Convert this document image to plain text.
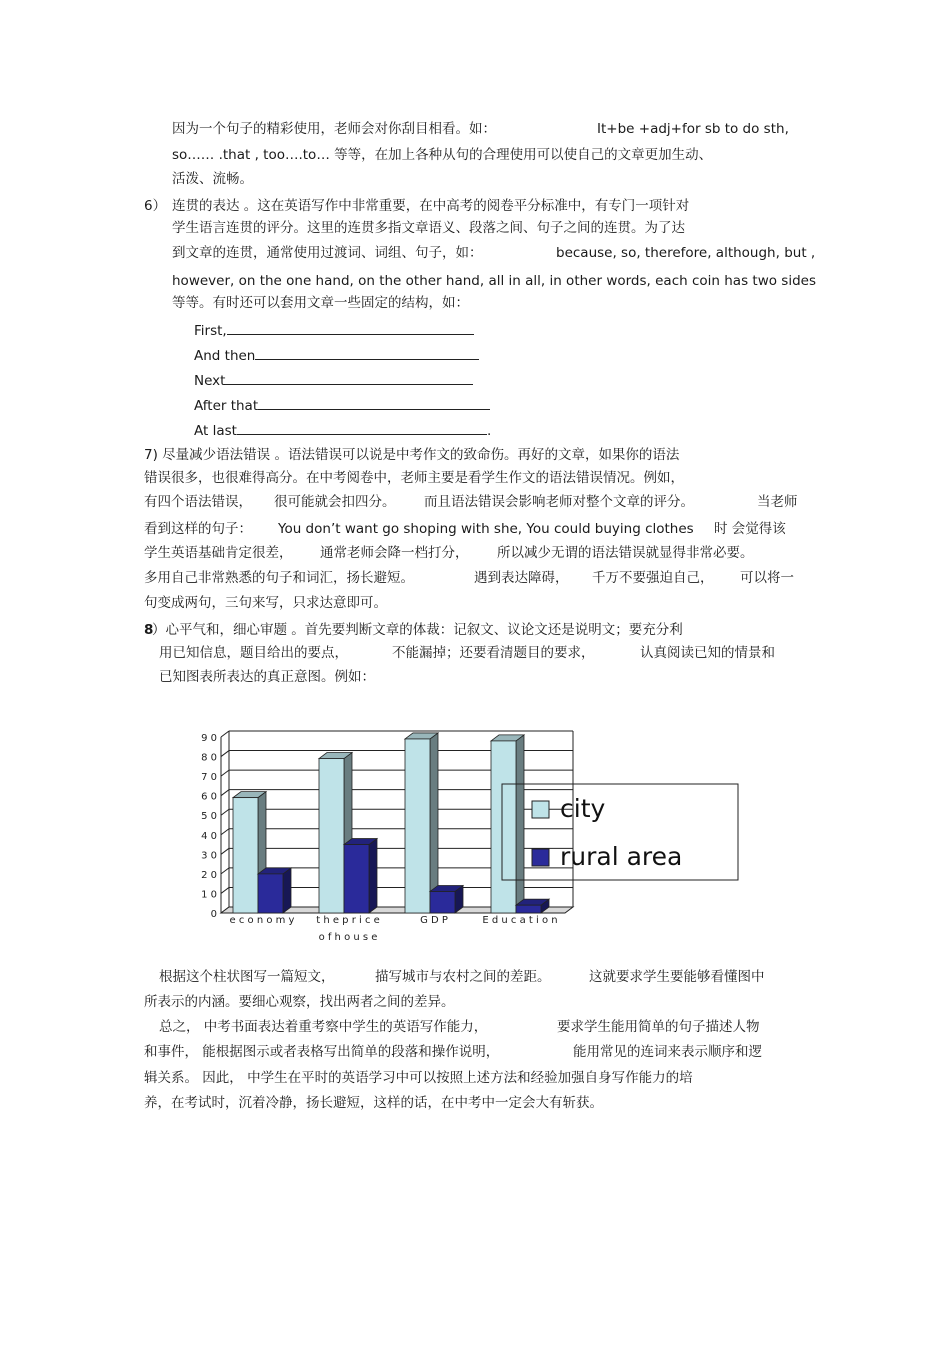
因为一个句子的精彩使用，老师会对你刮目相看。如：	It+be +adj+for sb to do sth,
so…… .that , too….to… 等等，在加上各种从句的合理使用可以使自己的文章更加生动、
活泼、流畅。
6） 连贯的表达 。这在英语写作中非常重要，在中高考的阅卷平分标准中，有专门一项针对
学生语言连贯的评分。这里的连贯多指文章语义、段落之间、句子之间的连贯。为了达
到文章的连贯，通常使用过渡词、词组、句子，如：	because, so, therefore, although, but ,
however, on the one hand, on the other hand, all in all, in other words, each coin has two sides
等等。有时还可以套用文章一些固定的结构，如：
First,
And then
Next
After that
At last	.
7) 尽量减少语法错误 。语法错误可以说是中考作文的致命伤。再好的文章，如果你的语法
错误很多，也很难得高分。在中考阅卷中，老师主要是看学生作文的语法错误情况。例如，
有四个语法错误， 很可能就会扣四分。 而且语法错误会影响老师对整个文章的评分。	当老师
看到这样的句子： You don’t want go shoping with she, You could buying clothes 时 会觉得该
学生英语基础肯定很差， 通常老师会降一档打分， 所以减少无谓的语法错误就显得非常必要。
多用自己非常熟悉的句子和词汇，扬长避短。	遇到表达障碍， 千万不要强迫自己， 可以将一
句变成两句，三句来写，只求达意即可。
8
）心平气和，细心审题 。首先要判断文章的体裁：记叙文、议论文还是说明文；要充分利
用已知信息，题目给出的要点，	不能漏掉；还要看清题目的要求，	认真阅读已知的情景和
已知图表所表达的真正意图。例如：
9 0
8 0
7 0
6 0
5 0
4 0
3 0
2 0
1 0
0
e c o n o m y t h e p r i c e
o f h o u s e
G D P	E d u c a t i o n
city
rural area
根据这个柱状图写一篇短文，	描写城市与农村之间的差距。	这就要求学生要能够看懂图中
所表示的内涵。要细心观察，找出两者之间的差异。
总之， 中考书面表达着重考察中学生的英语写作能力，	要求学生能用简单的句子描述人物
和事件， 能根据图示或者表格写出简单的段落和操作说明，	能用常见的连词来表示顺序和逻
辑关系。 因此， 中学生在平时的英语学习中可以按照上述方法和经验加强自身写作能力的培
养，在考试时，沉着冷静，扬长避短，这样的话，在中考中一定会大有斩获。
